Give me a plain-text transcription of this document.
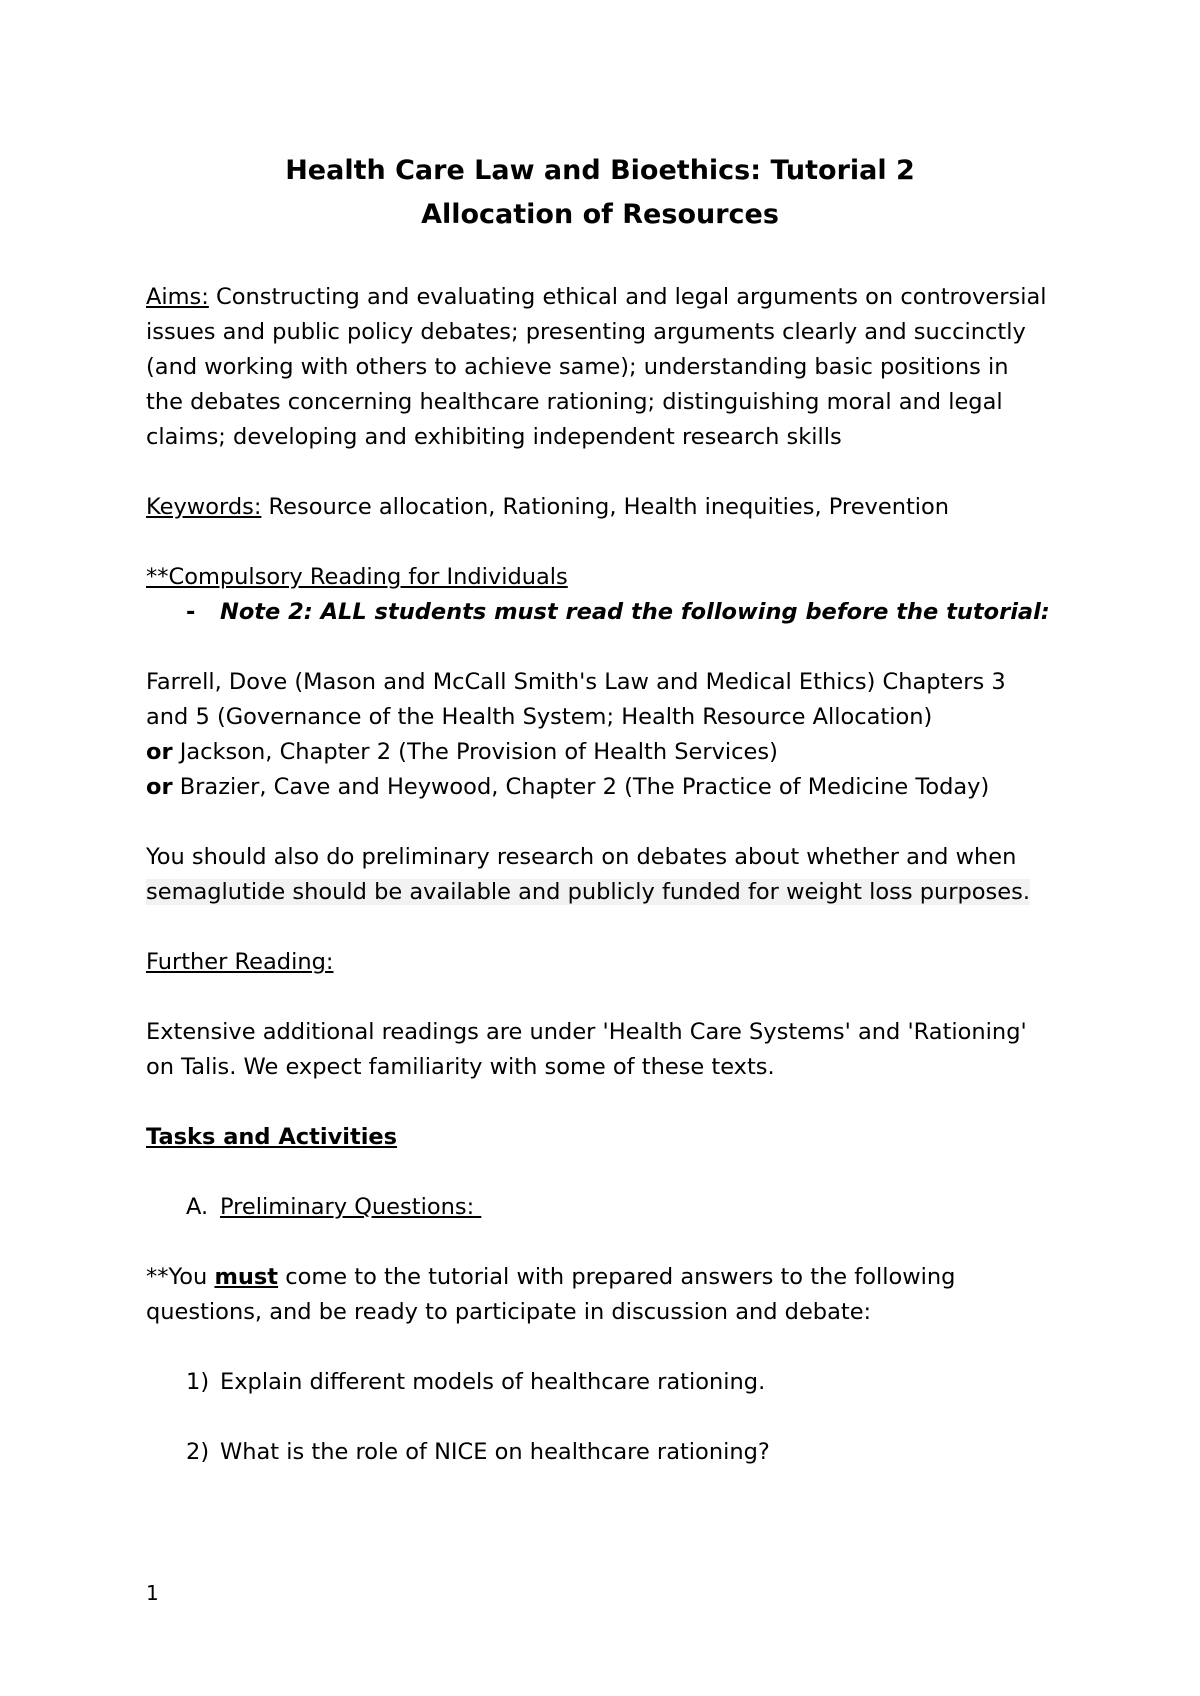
Health Care Law and Bioethics: Tutorial 2
Allocation of Resources
Aims: Constructing and evaluating ethical and legal arguments on controversial
issues and public policy debates; presenting arguments clearly and succinctly
(and working with others to achieve same); understanding basic positions in
the debates concerning healthcare rationing; distinguishing moral and legal
claims; developing and exhibiting independent research skills
Keywords: Resource allocation, Rationing, Health inequities, Prevention
**Compulsory Reading for Individuals
- Note 2: ALL students must read the following before the tutorial:
Farrell, Dove (Mason and McCall Smith's Law and Medical Ethics) Chapters 3
and 5 (Governance of the Health System; Health Resource Allocation)
or Jackson, Chapter 2 (The Provision of Health Services)
or Brazier, Cave and Heywood, Chapter 2 (The Practice of Medicine Today)
You should also do preliminary research on debates about whether and when
semaglutide should be available and publicly funded for weight loss purposes.
Further Reading:
Extensive additional readings are under 'Health Care Systems' and 'Rationing'
on Talis. We expect familiarity with some of these texts.
Tasks and Activities
A. Preliminary Questions:
**You must come to the tutorial with prepared answers to the following
questions, and be ready to participate in discussion and debate:
1) Explain different models of healthcare rationing.
2) What is the role of NICE on healthcare rationing?
1
